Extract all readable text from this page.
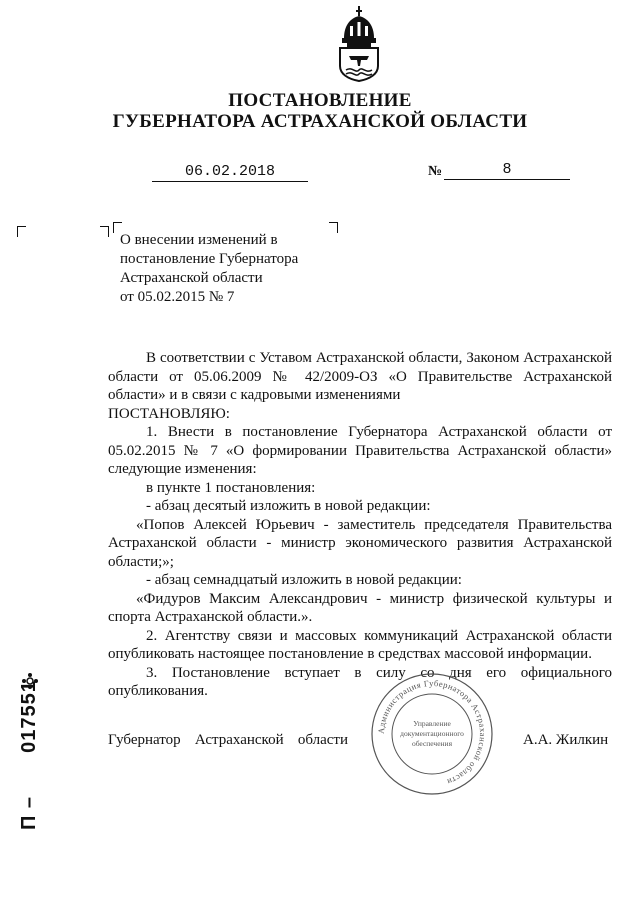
ПОСТАНОВЛЕНИЕ
ГУБЕРНАТОРА АСТРАХАНСКОЙ ОБЛАСТИ
06.02.2018	№	8
О внесении изменений в
постановление Губернатора
Астраханской области
от 05.02.2015 № 7

В соответствии с Уставом Астраханской области, Законом Астраханской области от 05.06.2009 № 42/2009-ОЗ «О Правительстве Астраханской области» и в связи с кадровыми изменениями

ПОСТАНОВЛЯЮ:

1. Внести в постановление Губернатора Астраханской области от 05.02.2015 № 7 «О формировании Правительства Астраханской области» следующие изменения:

в пункте 1 постановления:

- абзац десятый изложить в новой редакции:

«Попов Алексей Юрьевич - заместитель председателя Правительства Астраханской области - министр экономического развития Астраханской области;»;

- абзац семнадцатый изложить в новой редакции:

«Фидуров Максим Александрович - министр физической культуры и спорта Астраханской области.».

2. Агентству связи и массовых коммуникаций Астраханской области опубликовать настоящее постановление в средствах массовой информации.

3. Постановление вступает в силу со дня его официального опубликования.

Администрация Губернатора Астраханской области
Управление
документационного
обеспечения
Губернатор Астраханской области	А.А. Жилкин
П –  017551
